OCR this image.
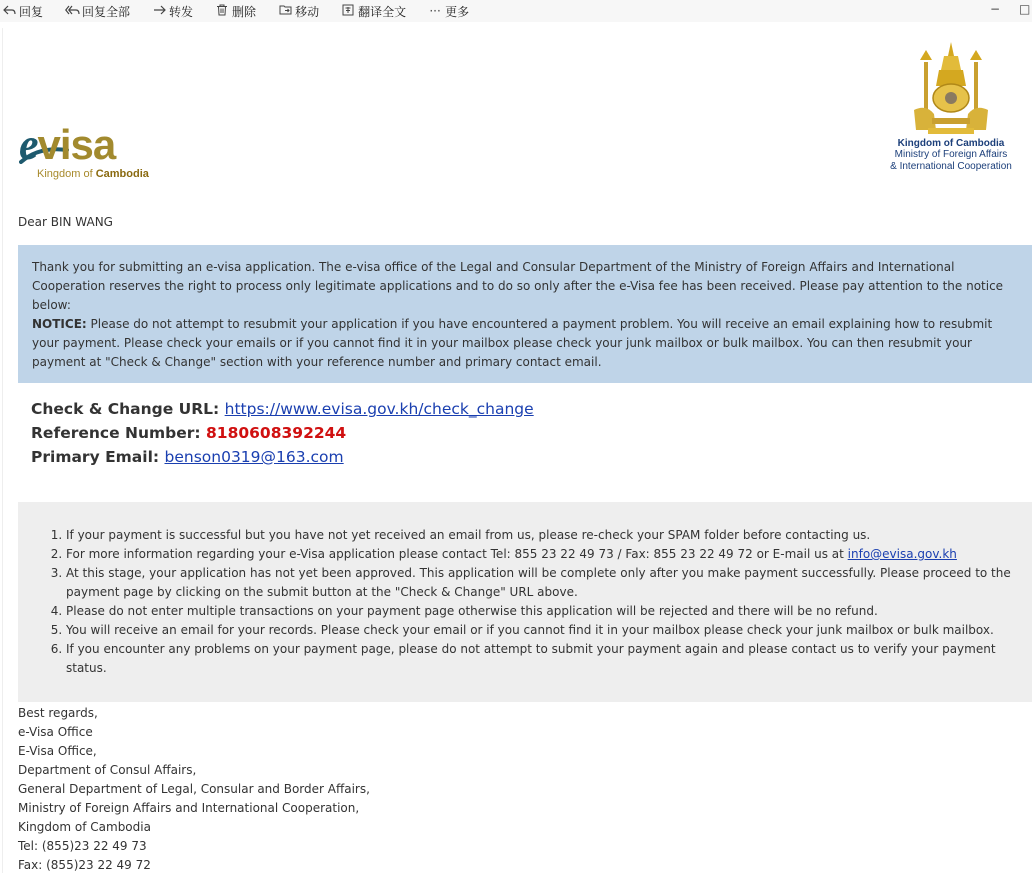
回复	回复全部	转发	删除	移动	翻译全文 ··· 更多	− □
evisa
Kingdom of Cambodia
Kingdom of Cambodia
Ministry of Foreign Affairs
& International Cooperation
Dear BIN WANG
Thank you for submitting an e-visa application. The e-visa office of the Legal and Consular Department of the Ministry of Foreign Affairs and International Cooperation reserves the right to process only legitimate applications and to do so only after the e-Visa fee has been received. Please pay attention to the notice below:
NOTICE: Please do not attempt to resubmit your application if you have encountered a payment problem. You will receive an email explaining how to resubmit your payment. Please check your emails or if you cannot find it in your mailbox please check your junk mailbox or bulk mailbox. You can then resubmit your payment at "Check & Change" section with your reference number and primary contact email.
Check & Change URL: https://www.evisa.gov.kh/check_change
Reference Number: 8180608392244
Primary Email: benson0319@163.com
1. If your payment is successful but you have not yet received an email from us, please re-check your SPAM folder before contacting us.
2. For more information regarding your e-Visa application please contact Tel: 855 23 22 49 73 / Fax: 855 23 22 49 72 or E-mail us at info@evisa.gov.kh
3. At this stage, your application has not yet been approved. This application will be complete only after you make payment successfully. Please proceed to the payment page by clicking on the submit button at the "Check & Change" URL above.
4. Please do not enter multiple transactions on your payment page otherwise this application will be rejected and there will be no refund.
5. You will receive an email for your records. Please check your email or if you cannot find it in your mailbox please check your junk mailbox or bulk mailbox.
6. If you encounter any problems on your payment page, please do not attempt to submit your payment again and please contact us to verify your payment status.
Best regards,
e-Visa Office
E-Visa Office,
Department of Consul Affairs,
General Department of Legal, Consular and Border Affairs,
Ministry of Foreign Affairs and International Cooperation,
Kingdom of Cambodia
Tel: (855)23 22 49 73
Fax: (855)23 22 49 72
